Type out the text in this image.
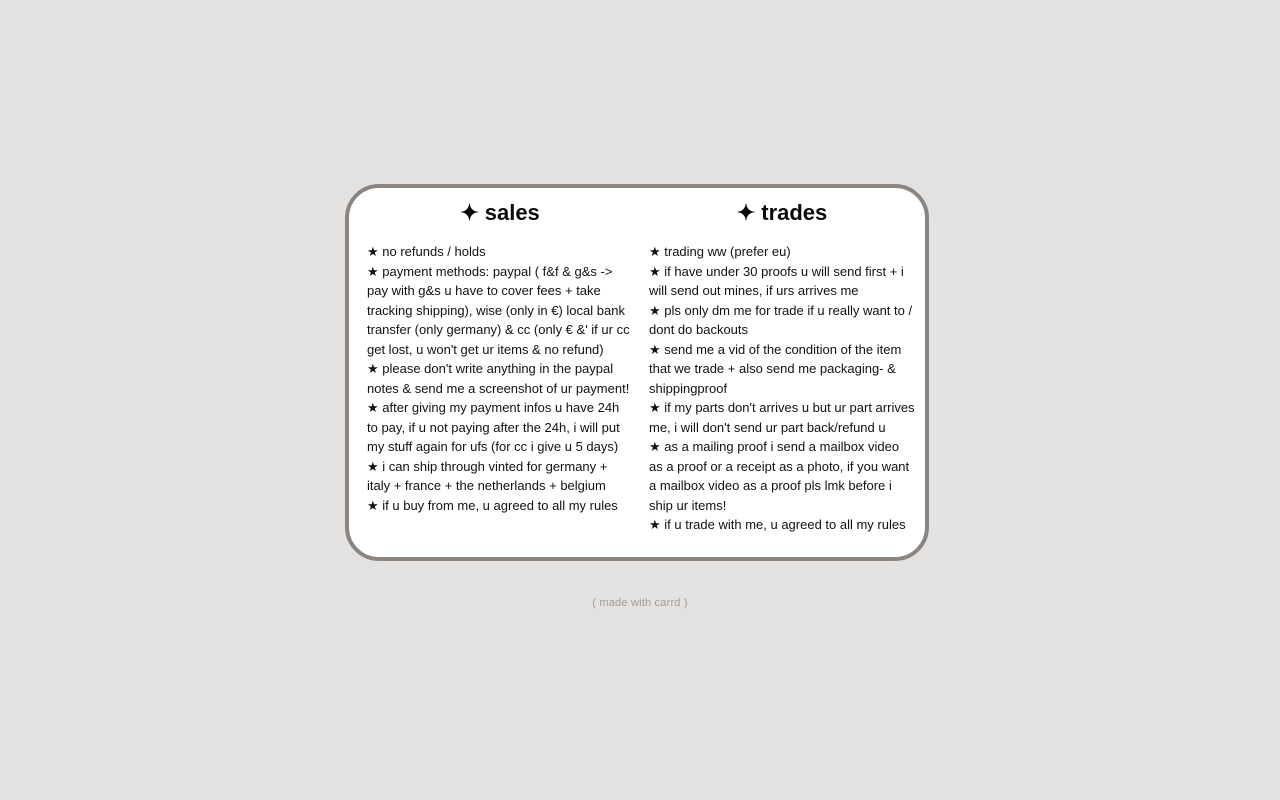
✦ sales
★ no refunds / holds
★ payment methods: paypal ( f&f & g&s -> pay with g&s u have to cover fees + take tracking shipping), wise (only in €) local bank transfer (only germany) & cc (only € &' if ur cc get lost, u won't get ur items & no refund)
★ please don't write anything in the paypal notes & send me a screenshot of ur payment!
★ after giving my payment infos u have 24h to pay, if u not paying after the 24h, i will put my stuff again for ufs (for cc i give u 5 days)
★ i can ship through vinted for germany + italy + france + the netherlands + belgium
★ if u buy from me, u agreed to all my rules
✦ trades
★ trading ww (prefer eu)
★ if have under 30 proofs u will send first + i will send out mines, if urs arrives me
★ pls only dm me for trade if u really want to / dont do backouts
★ send me a vid of the condition of the item that we trade + also send me packaging- & shippingproof
★ if my parts don't arrives u but ur part arrives me, i will don't send ur part back/refund u
★ as a mailing proof i send a mailbox video as a proof or a receipt as a photo, if you want a mailbox video as a proof pls lmk before i ship ur items!
★ if u trade with me, u agreed to all my rules
( made with carrd )
